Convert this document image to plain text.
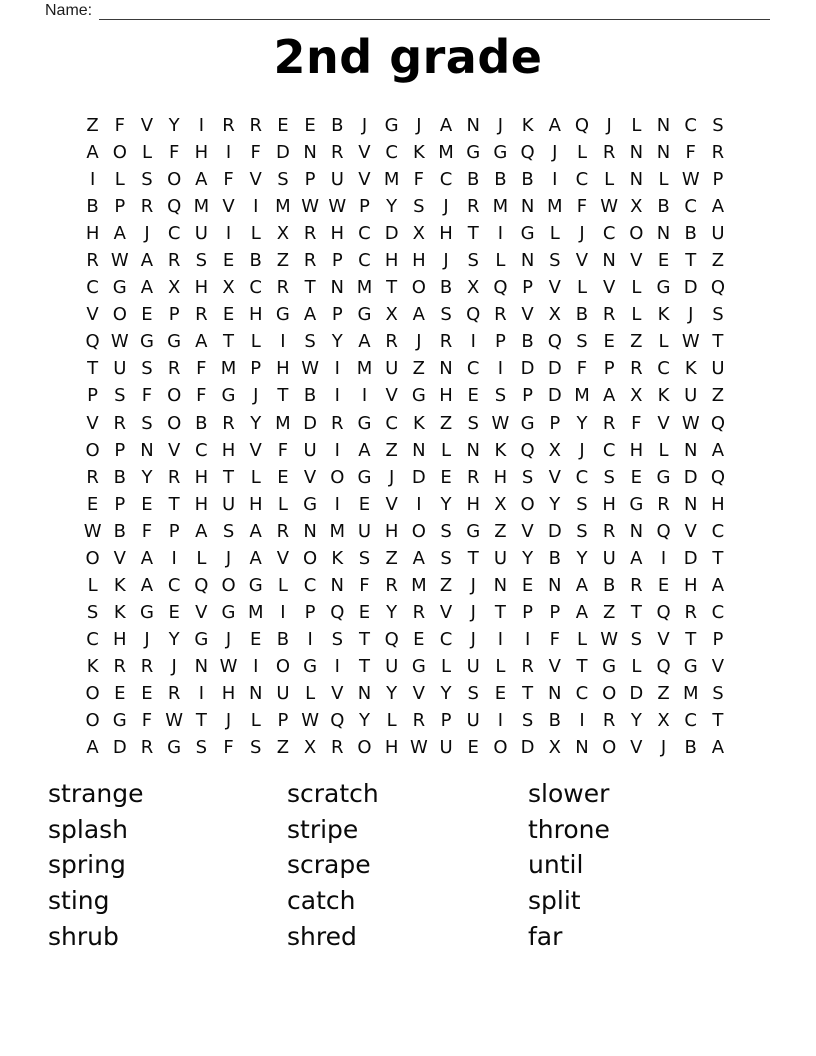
Name:
2nd grade
Z F V Y	I	R R E E B	J G J	A N J	K A Q J	L N C S
A O L F H I	F D N R V C K M G G Q J	L R N N F R
I	L S O A F V S P U V M F C B B B	I	C L N L W P
B P R Q M V	I M W W P Y S	J	R M N M F W X B C A
H A	J	C U I	L X R H C D X H T	I G L	J	C O N B U
R W A R S E B Z R P C H H J	S L N S V N V E T Z
C G A X H X C R T N M T O B X Q P V L V L G D Q
V O E P R E H G A P G X A S Q R V X B R L K	J	S
Q W G G A T L	I	S Y A R	J	R	I	P B Q S E Z L W T
T U S R F M P H W I M U Z N C	I D D F P R C K U
P S F O F G J	T B	I	I	V G H E S P D M A X K U Z
V R S O B R Y M D R G C K Z S W G P Y R F V W Q
O P N V C H V F U I	A Z N L N K Q X	J	C H L N A
R B Y R H T L E V O G J D E R H S V C S E G D Q
E P E T H U H L G I	E V	I	Y H X O Y S H G R N H
W B F P A S A R N M U H O S G Z V D S R N Q V C
O V A	I	L	J	A V O K S Z A S T U Y B Y U A	I D T
L K A C Q O G L C N F R M Z	J N E N A B R E H A
S K G E V G M I	P Q E Y R V	J	T P P A Z T Q R C
C H J	Y G J	E B	I	S T Q E C	J	I	I	F L W S V T P
K R R	J N W I O G I	T U G L U L R V T G L Q G V
O E E R	I H N U L V N Y V Y S E T N C O D Z M S
O G F W T	J	L P W Q Y L R P U I	S B	I	R Y X C T
A D R G S F S Z X R O H W U E O D X N O V	J	B A
strange
splash
spring
sting
shrub
scratch
stripe
scrape
catch
shred
slower
throne
until
split
far
